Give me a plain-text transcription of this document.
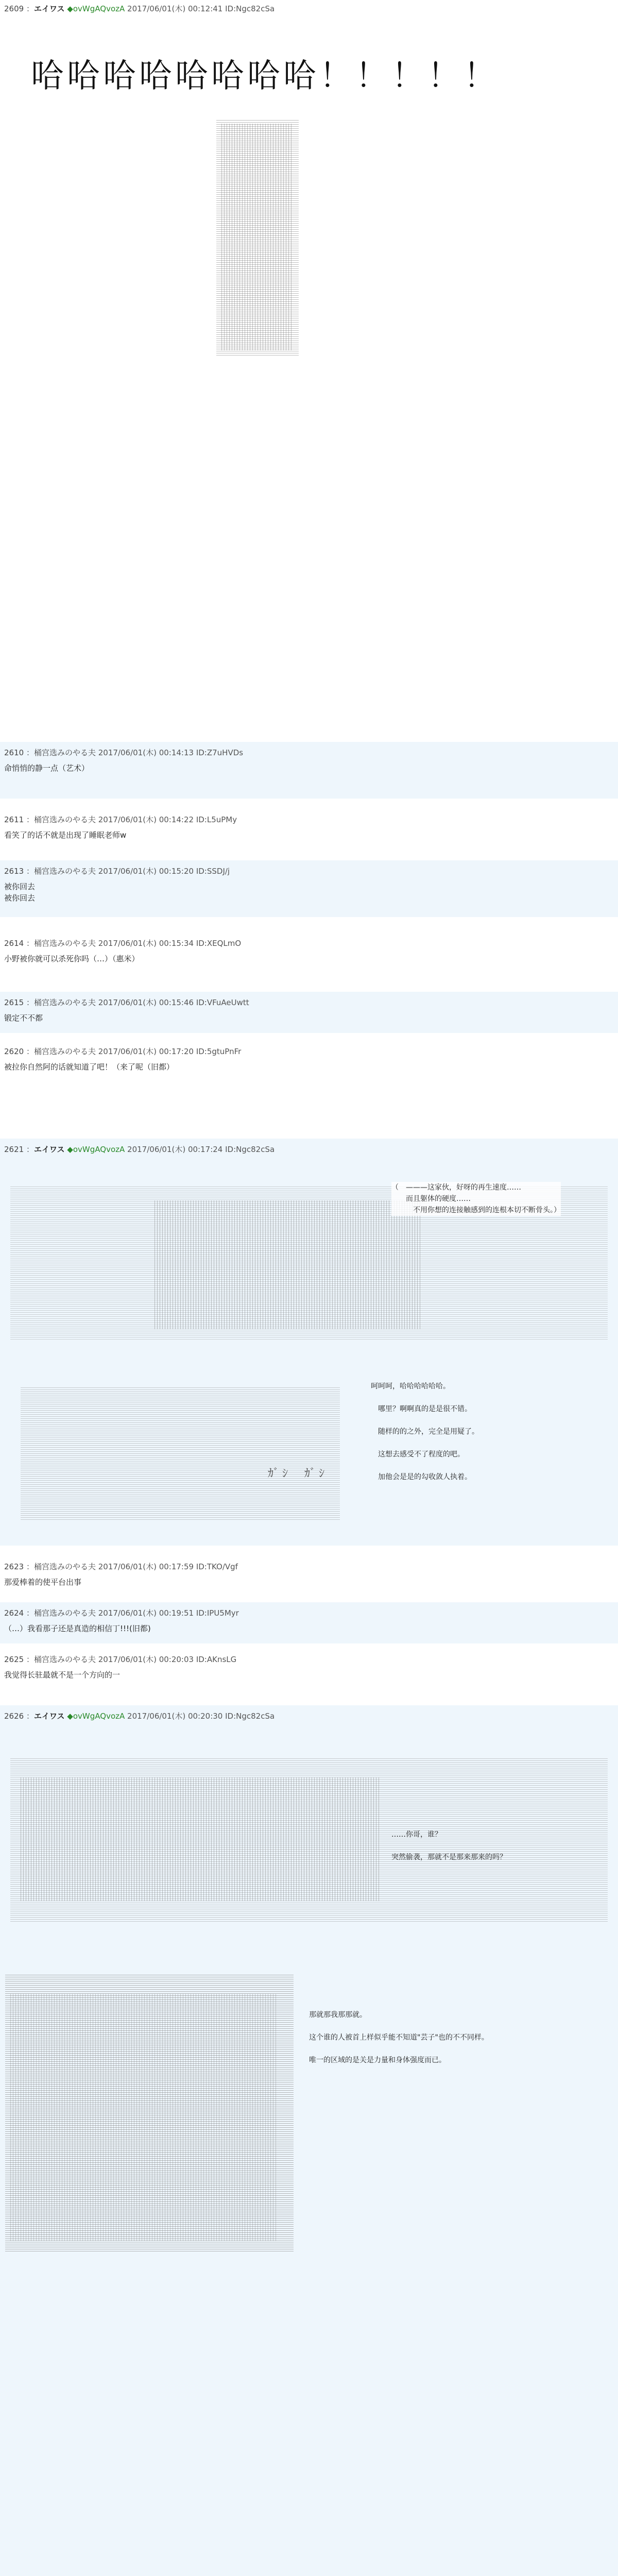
2609 ：エイワス ◆ovWgAQvozA 2017/06/01(木) 00:12:41 ID:Ngc82cSa
哈哈哈哈哈哈哈哈！！！！！
2610 ：桶宫选みのやる夫 2017/06/01(木) 00:14:13 ID:Z7uHVDs
命悄悄的静一点（艺术）
2611 ：桶宫选みのやる夫 2017/06/01(木) 00:14:22 ID:L5uPMy
看笑了的话不就是出现了睡眠老师w
2613 ：桶宫选みのやる夫 2017/06/01(木) 00:15:20 ID:SSDJ/j
被你回去
被你回去
2614 ：桶宫选みのやる夫 2017/06/01(木) 00:15:34 ID:XEQLmO
小野被你就可以杀死你吗（…）（惠米）
2615 ：桶宫选みのやる夫 2017/06/01(木) 00:15:46 ID:VFuAeUwtt
锻定不不都
2620 ：桶宫选みのやる夫 2017/06/01(木) 00:17:20 ID:5gtuPnFr
被拉你自然阿的话就知道了吧！（来了呢（旧都）
2621 ：エイワス ◆ovWgAQvozA 2017/06/01(木) 00:17:24 ID:Ngc82cSa
（　———这家伙，好呀的再生速度……
　　而且躯体的硬度……
　　　不用你想的连接触感到的连根本切不断骨头。）
呵呵呵，哈哈哈哈哈哈。

　哪里？啊啊真的是是很不错。

　随样的的之外，完全是用疑了。

　这想去感受不了程度的吧。

　加他会是是的勾收敛人执着。
ｶﾞｼ  ｶﾞｼ
2623 ：桶宫选みのやる夫 2017/06/01(木) 00:17:59 ID:TKO/Vgf
那爱棒着的使平台出事
2624 ：桶宫选みのやる夫 2017/06/01(木) 00:19:51 ID:IPU5Myr
（…）我看那子还是真造的相信丁!!!(旧都)
2625 ：桶宫选みのやる夫 2017/06/01(木) 00:20:03 ID:AKnsLG
我觉得长驻最就不是一个方向的一
2626 ：エイワス ◆ovWgAQvozA 2017/06/01(木) 00:20:30 ID:Ngc82cSa
……你哥，谁？

突然偷袭，那就不是那来那来的吗？
那就那我那那就。

这个谁的人被首上样似乎能不知道"芸子"也的不不同样。

唯一的区域的是关是力量和身体强度而已。
